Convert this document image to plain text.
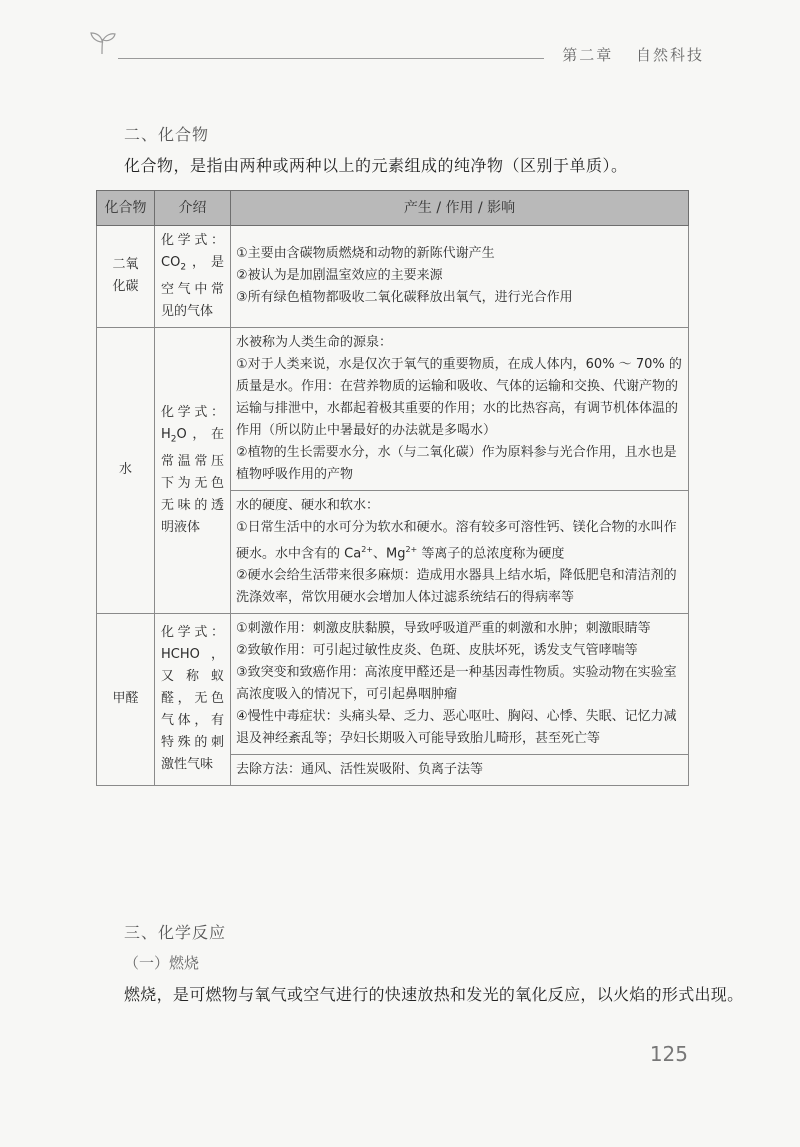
第二章 自然科技
二、化合物
化合物，是指由两种或两种以上的元素组成的纯净物（区别于单质）。
化合物	介绍	产生 / 作用 / 影响

二氧
化碳	化学式：$CO_2$，是空气中常见的气体	①主要由含碳物质燃烧和动物的新陈代谢产生
②被认为是加剧温室效应的主要来源
③所有绿色植物都吸收二氧化碳释放出氧气，进行光合作用

水	化学式：$H_2O$，在常温常压下为无色无味的透明液体	水被称为人类生命的源泉：
①对于人类来说，水是仅次于氧气的重要物质，在成人体内，60% ～ 70% 的质量是水。作用：在营养物质的运输和吸收、气体的运输和交换、代谢产物的运输与排泄中，水都起着极其重要的作用；水的比热容高，有调节机体体温的作用（所以防止中暑最好的办法就是多喝水）
②植物的生长需要水分，水（与二氧化碳）作为原料参与光合作用，且水也是植物呼吸作用的产物

		水的硬度、硬水和软水：
①日常生活中的水可分为软水和硬水。溶有较多可溶性钙、镁化合物的水叫作硬水。水中含有的 $Ca^{2+}$、$Mg^{2+}$ 等离子的总浓度称为硬度
②硬水会给生活带来很多麻烦：造成用水器具上结水垢，降低肥皂和清洁剂的洗涤效率，常饮用硬水会增加人体过滤系统结石的得病率等

甲醛	化学式：HCHO，又称蚁醛，无色气体，有特殊的刺激性气味	①刺激作用：刺激皮肤黏膜，导致呼吸道严重的刺激和水肿；刺激眼睛等
②致敏作用：可引起过敏性皮炎、色斑、皮肤坏死，诱发支气管哮喘等
③致突变和致癌作用：高浓度甲醛还是一种基因毒性物质。实验动物在实验室高浓度吸入的情况下，可引起鼻咽肿瘤
④慢性中毒症状：头痛头晕、乏力、恶心呕吐、胸闷、心悸、失眠、记忆力减退及神经紊乱等；孕妇长期吸入可能导致胎儿畸形，甚至死亡等

		去除方法：通风、活性炭吸附、负离子法等
三、化学反应
（一）燃烧
燃烧，是可燃物与氧气或空气进行的快速放热和发光的氧化反应，以火焰的形式出现。
125
